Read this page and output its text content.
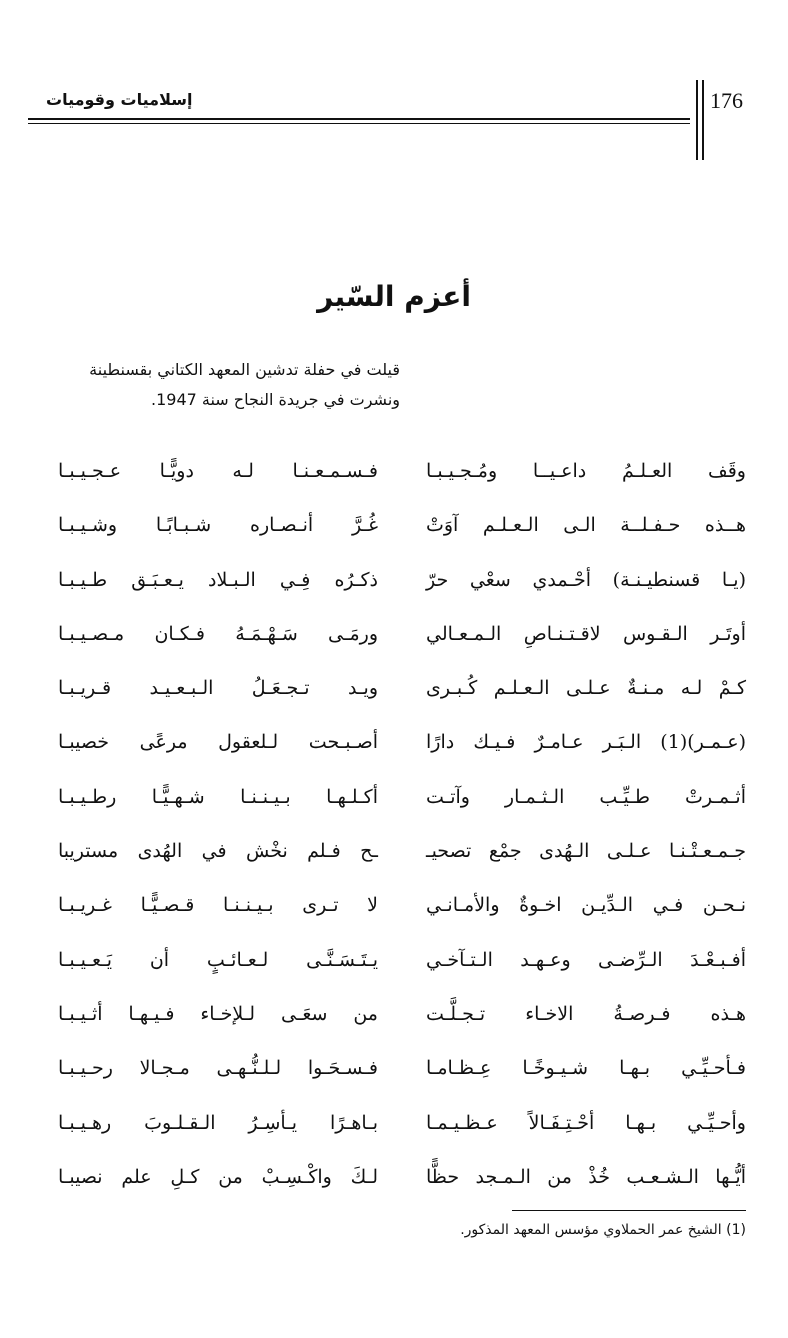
إسلاميات وقوميات	176
أعزم السّير
قيلت في حفلة تدشين المعهد الكتاني بقسنطينة
ونشرت في جريدة النجاح سنة 1947.
وقَف العـلـمُ داعـيــا ومُـجـيـبـا
فـسـمـعـنـا لـه دويًّـا عـجـيـبـا
هــذه حـفـلــة الـى الـعـلـم آوَتْ
غُـرَّ أنـصـاره شـبـابًـا وشـيـبـا
(يـا قسنطيـنـة) أحْـمدي سعْي حرّ
ذكـرُه فِـي الـبـلاد يـعـبَـق طـيـبـا
أوتَـر الـقـوس لاقـتـنـاصِ الـمـعـالي
ورمَـى سَـهْـمَـهُ فـكـان مـصـيـبـا
كـمْ لـه مـنـةٌ عـلـى الـعـلـم كُـبـرى
ويـد تـجـعَـلُ الـبـعـيـد قـريـبـا
(عـمـر)(1) الـبَـر عـامـرٌ فـيـك دارًا
أصـبـحت لـلعقول مرعًى خصيبـا
أثـمـرتْ طـيِّـب الـثـمـار وآتـت
أكـلـهـا بـيـنـنـا شـهـيًّـا رطـيـبـا
جـمـعـتْـنـا عـلـى الـهُدى جمْع تصحيـ
ـح فـلم نخْش في الهُدى مستريبا
نـحـن فـي الـدِّيـن اخـوةٌ والأمـانـي
لا تـرى بـيـنـنـا قـصـيًّـا غـريـبـا
أفـبـعْـدَ الـرِّضـى وعـهـد الـتـآخـي
يـتَـسَـنَّـى لـعـائـبٍ أن يَـعـيـبـا
هـذه فـرصـةُ الاخـاء تـجـلَّـت
من سعَـى لـلإخـاء فـيـهـا أثـيـبـا
فـأحـيِّـي بـهـا شـيـوخًـا عِـظـامـا
فـسـحَـوا لـلـنُّـهـى مـجـالا رحـيـبـا
وأحـيِّـي بـهـا أحْـتِـفَـالاً عـظـيـمـا
بـاهـرًا يـأسِـرُ الـقـلـوبَ رهـيـبـا
أيُّـها الـشـعـب خُذْ من الـمـجد حظًّا
لـكَ واكْـسِـبْ من كـلِ علم نصيبـا
(1) الشيخ عمر الحملاوي مؤسس المعهد المذكور.
